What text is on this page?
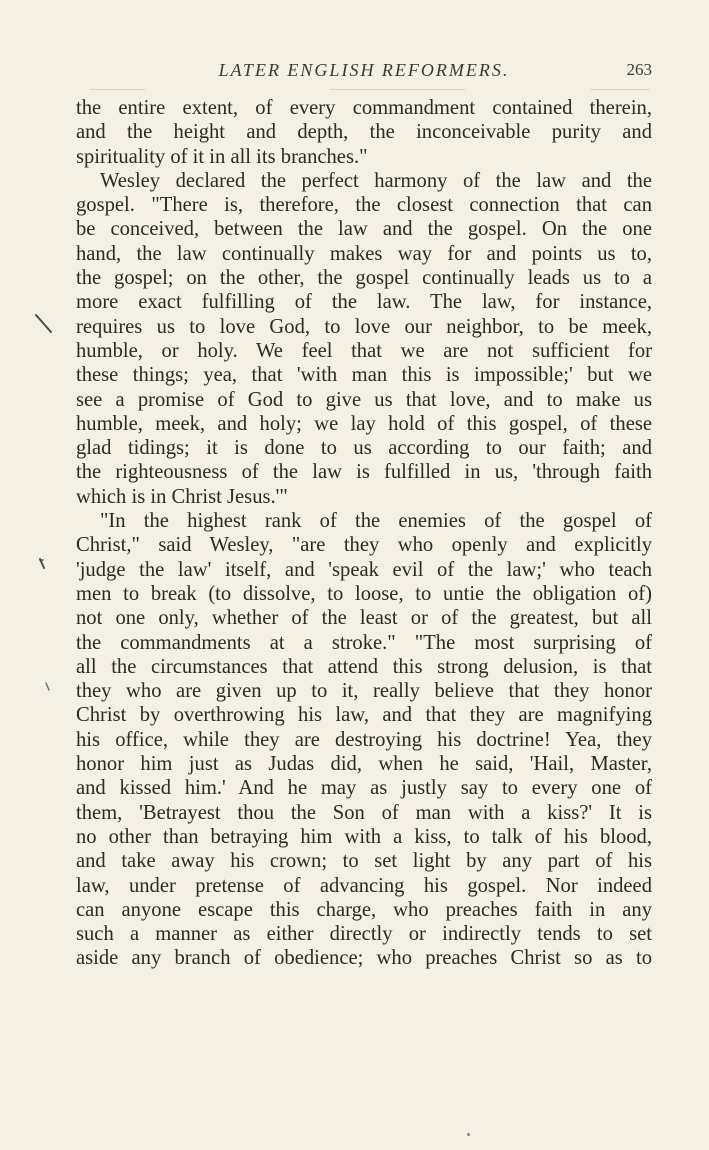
LATER ENGLISH REFORMERS.	263
the entire extent, of every commandment contained therein,
and the height and depth, the inconceivable purity and
spirituality of it in all its branches."
Wesley declared the perfect harmony of the law and the
gospel. "There is, therefore, the closest connection that can
be conceived, between the law and the gospel. On the one
hand, the law continually makes way for and points us to,
the gospel; on the other, the gospel continually leads us to a
more exact fulfilling of the law. The law, for instance,
requires us to love God, to love our neighbor, to be meek,
humble, or holy. We feel that we are not sufficient for
these things; yea, that 'with man this is impossible;' but we
see a promise of God to give us that love, and to make us
humble, meek, and holy; we lay hold of this gospel, of these
glad tidings; it is done to us according to our faith; and
the righteousness of the law is fulfilled in us, 'through faith
which is in Christ Jesus.'"
"In the highest rank of the enemies of the gospel of
Christ," said Wesley, "are they who openly and explicitly
'judge the law' itself, and 'speak evil of the law;' who teach
men to break (to dissolve, to loose, to untie the obligation of)
not one only, whether of the least or of the greatest, but all
the commandments at a stroke." "The most surprising of
all the circumstances that attend this strong delusion, is that
they who are given up to it, really believe that they honor
Christ by overthrowing his law, and that they are magnifying
his office, while they are destroying his doctrine! Yea, they
honor him just as Judas did, when he said, 'Hail, Master,
and kissed him.' And he may as justly say to every one of
them, 'Betrayest thou the Son of man with a kiss?' It is
no other than betraying him with a kiss, to talk of his blood,
and take away his crown; to set light by any part of his
law, under pretense of advancing his gospel. Nor indeed
can anyone escape this charge, who preaches faith in any
such a manner as either directly or indirectly tends to set
aside any branch of obedience; who preaches Christ so as to
